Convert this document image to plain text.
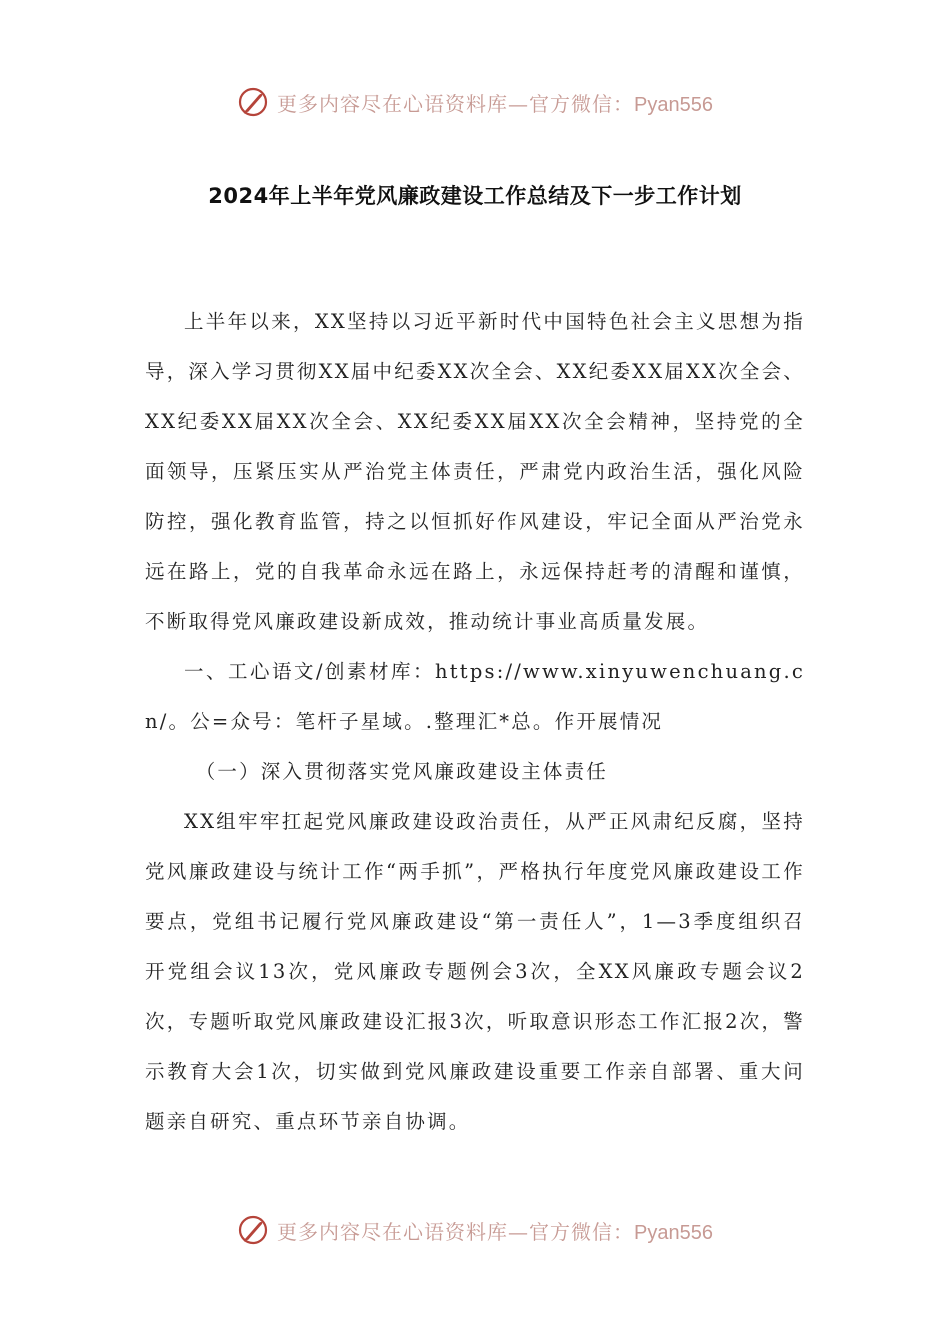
更多内容尽在心语资料库—官方微信：Pyan556
2024年上半年党风廉政建设工作总结及下一步工作计划

上半年以来，XX坚持以习近平新时代中国特色社会主义思想为指导，深入学习贯彻XX届中纪委XX次全会、XX纪委XX届XX次全会、XX纪委XX届XX次全会、XX纪委XX届XX次全会精神，坚持党的全面领导，压紧压实从严治党主体责任，严肃党内政治生活，强化风险防控，强化教育监管，持之以恒抓好作风建设，牢记全面从严治党永远在路上，党的自我革命永远在路上，永远保持赶考的清醒和谨慎，不断取得党风廉政建设新成效，推动统计事业高质量发展。

一、工心语文/创素材库：https://www.xinyuwenchuang.cn/。公=众号：笔杆子星域。.整理汇*总。作开展情况

（一）深入贯彻落实党风廉政建设主体责任

XX组牢牢扛起党风廉政建设政治责任，从严正风肃纪反腐，坚持党风廉政建设与统计工作“两手抓”，严格执行年度党风廉政建设工作要点，党组书记履行党风廉政建设“第一责任人”，1—3季度组织召开党组会议13次，党风廉政专题例会3次，全XX风廉政专题会议2次，专题听取党风廉政建设汇报3次，听取意识形态工作汇报2次，警示教育大会1次，切实做到党风廉政建设重要工作亲自部署、重大问题亲自研究、重点环节亲自协调。

更多内容尽在心语资料库—官方微信：Pyan556
